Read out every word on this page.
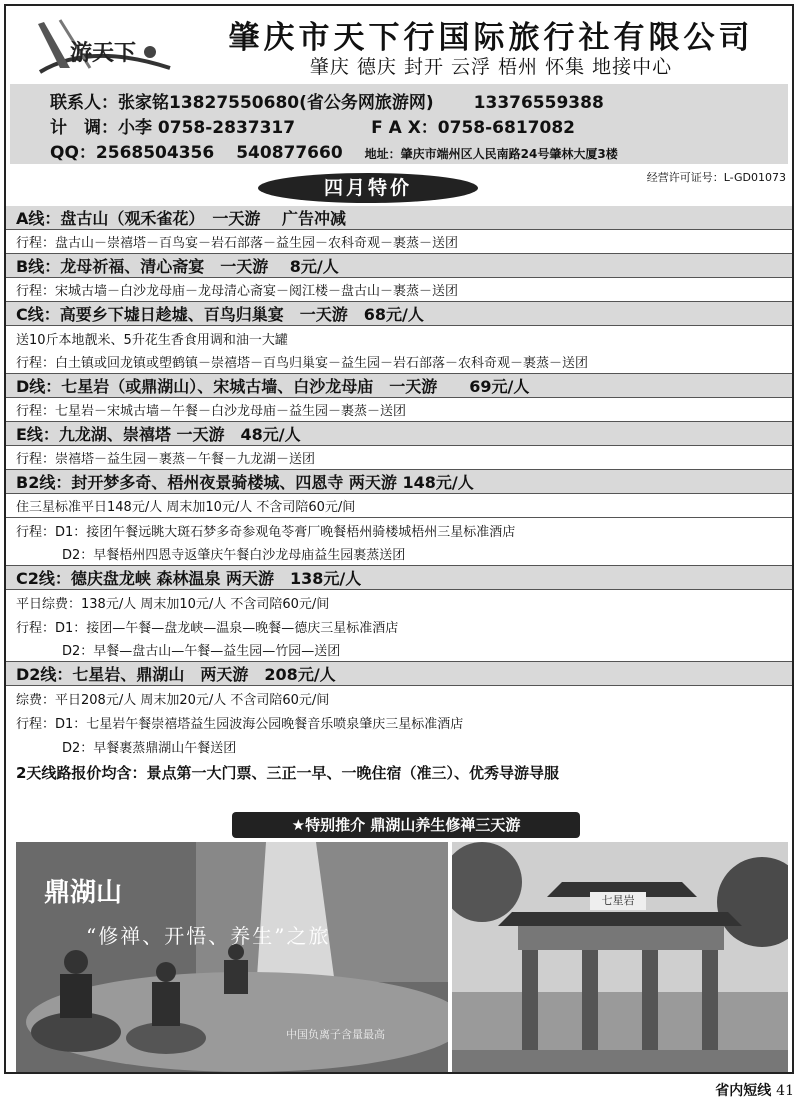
游天下	肇庆市天下行国际旅行社有限公司
肇庆 德庆 封开 云浮 梧州 怀集 地接中心
联系人：张家铭13827550680(省公务网旅游网) 13376559388
计　调：小李 0758-2837317	F A X：0758-6817082
QQ：2568504356 540877660 地址：肇庆市端州区人民南路24号肇林大厦3楼
四月特价	经营许可证号：L-GD01073
A线：盘古山（观禾雀花）　一天游　 广告冲减
行程：盘古山－崇禧塔－百鸟宴－岩石部落－益生园－农科奇观－裹蒸－送团
B线：龙母祈福、清心斋宴　一天游　 8元/人
行程：宋城古墙－白沙龙母庙－龙母清心斋宴－阅江楼－盘古山－裹蒸－送团
C线：高要乡下墟日趁墟、百鸟归巢宴　一天游　68元/人
送10斤本地靓米、5升花生香食用调和油一大罐
行程：白土镇或回龙镇或塱鹤镇－崇禧塔－百鸟归巢宴－益生园－岩石部落－农科奇观－裹蒸－送团
D线：七星岩（或鼎湖山）、宋城古墙、白沙龙母庙　一天游　　69元/人
行程：七星岩－宋城古墙－午餐－白沙龙母庙－益生园－裹蒸－送团
E线：九龙湖、崇禧塔 一天游　48元/人
行程：崇禧塔－益生园－裹蒸－午餐－九龙湖－送团
B2线：封开梦多奇、梧州夜景骑楼城、四恩寺 两天游 148元/人
住三星标准平日148元/人 周末加10元/人 不含司陪60元/间
行程：D1：接团午餐远眺大斑石梦多奇参观龟苓膏厂晚餐梧州骑楼城梧州三星标准酒店
D2：早餐梧州四恩寺返肇庆午餐白沙龙母庙益生园裹蒸送团
C2线：德庆盘龙峡 森林温泉 两天游　138元/人
平日综费：138元/人 周末加10元/人 不含司陪60元/间
行程：D1：接团—午餐—盘龙峡—温泉—晚餐—德庆三星标准酒店
D2：早餐—盘古山—午餐—益生园—竹园—送团
D2线：七星岩、鼎湖山　两天游　208元/人
综费：平日208元/人 周末加20元/人 不含司陪60元/间
行程：D1：七星岩午餐崇禧塔益生园波海公园晚餐音乐喷泉肇庆三星标准酒店
D2：早餐裹蒸鼎湖山午餐送团
2天线路报价均含：景点第一大门票、三正一早、一晚住宿（准三）、优秀导游导服
★特别推介 鼎湖山养生修禅三天游
鼎湖山
“修禅、开悟、养生”之旅
中国负离子含量最高
七星岩
省内短线 41
